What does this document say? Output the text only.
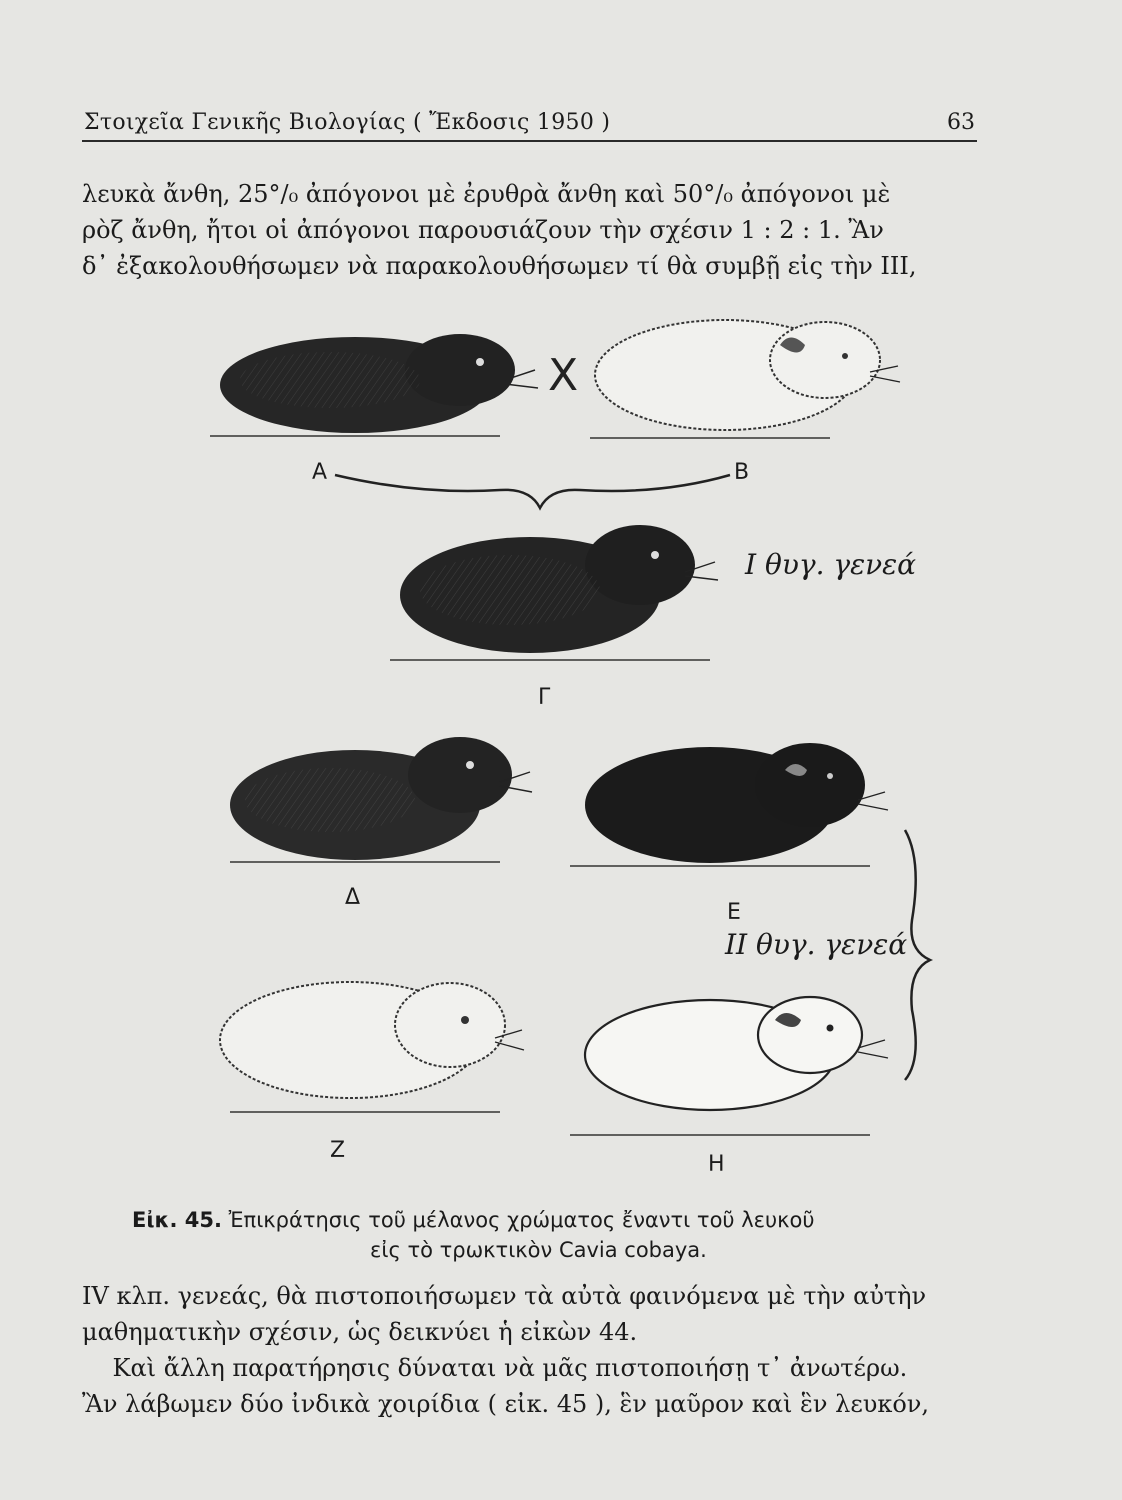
Στοιχεῖα Γενικῆς Βιολογίας ( Ἔκδοσις 1950 )	63
λευκὰ ἄνθη, 25°/₀ ἀπόγονοι μὲ ἐρυθρὰ ἄνθη καὶ 50°/₀ ἀπόγονοι μὲ
ρὸζ ἄνθη, ἤτοι οἱ ἀπόγονοι παρουσιάζουν τὴν σχέσιν 1 : 2 : 1. Ἂν
δ᾽ ἐξακολουθήσωμεν νὰ παρακολουθήσωμεν τί θὰ συμβῇ εἰς τὴν ΙΙΙ,
X
Α	Β
Γ
Δ
Ε
Ζ
Η
Ι θυγ. γενεά
ΙΙ θυγ. γενεά
Εἰκ. 45. Ἐπικράτησις τοῦ μέλανος χρώματος ἔναντι τοῦ λευκοῦ
εἰς τὸ τρωκτικὸν Cavia cobaya.
IV κλπ. γενεάς, θὰ πιστοποιήσωμεν τὰ αὐτὰ φαινόμενα μὲ τὴν αὐτὴν
μαθηματικὴν σχέσιν, ὡς δεικνύει ἡ εἰκὼν 44.
Καὶ ἄλλη παρατήρησις δύναται νὰ μᾶς πιστοποιήσῃ τ᾽ ἀνωτέρω.
Ἂν λάβωμεν δύο ἰνδικὰ χοιρίδια ( εἰκ. 45 ), ἓν μαῦρον καὶ ἓν λευκόν,
